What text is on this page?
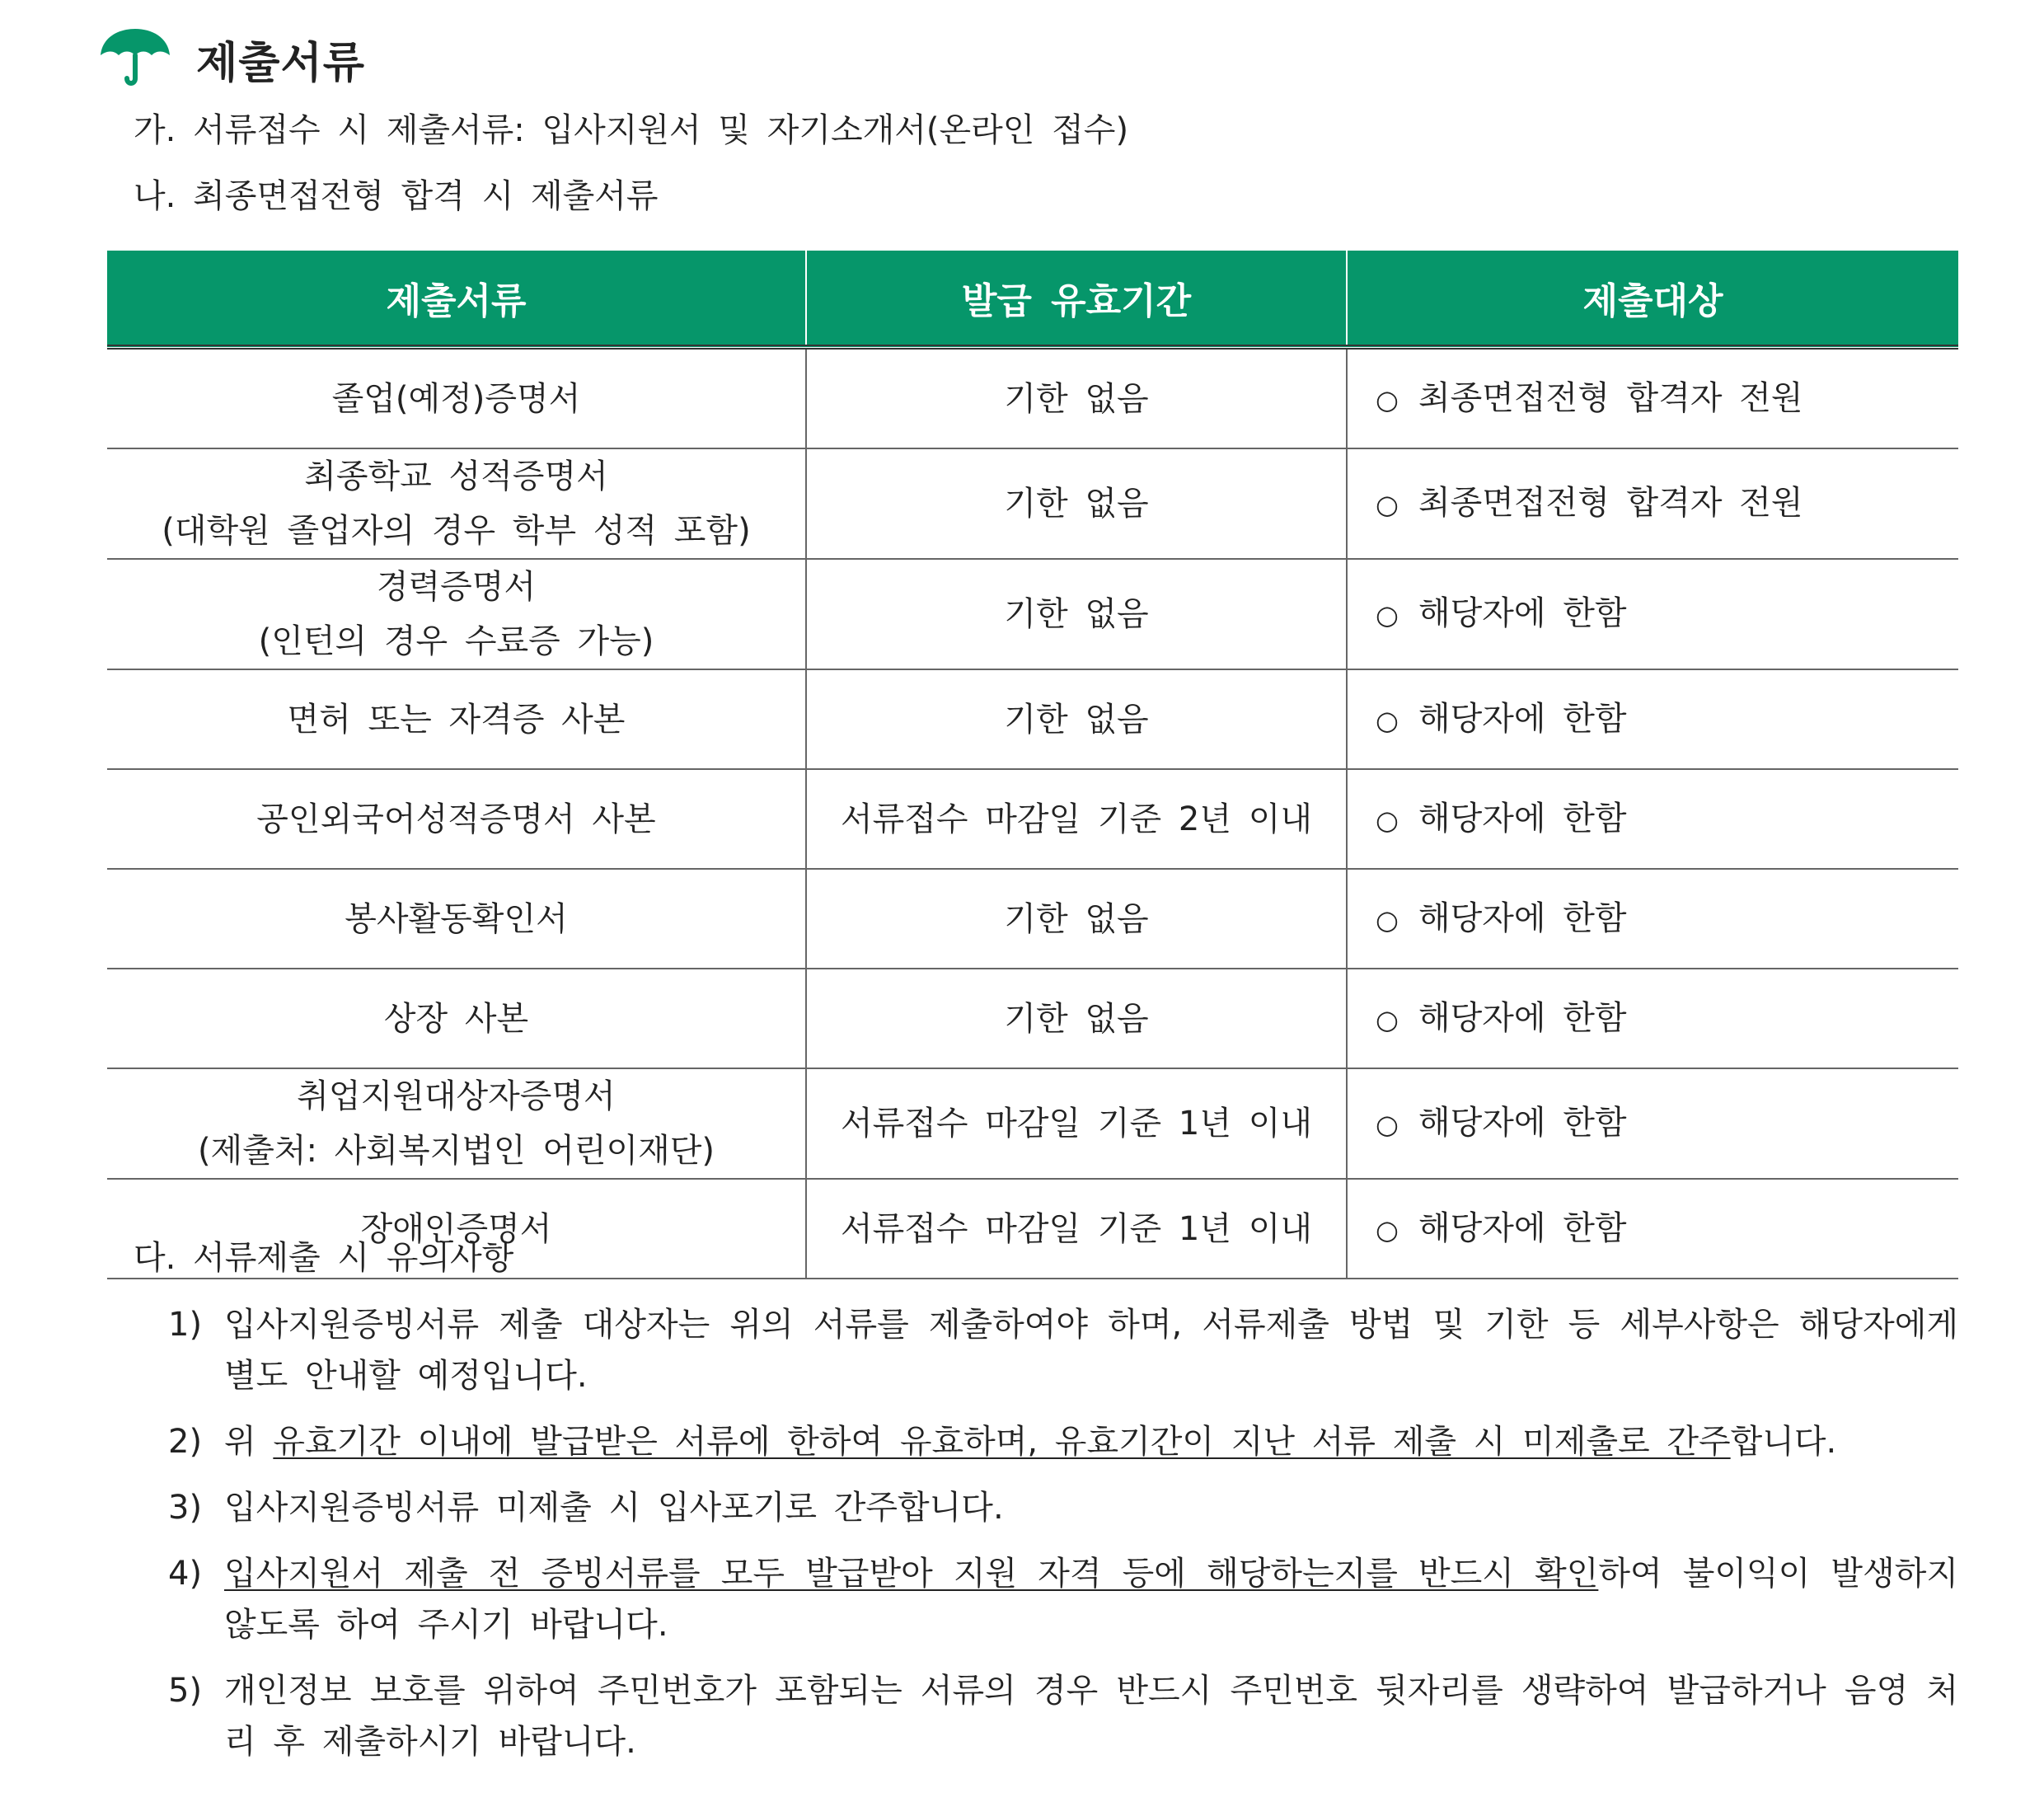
제출서류
가. 서류접수 시 제출서류: 입사지원서 및 자기소개서(온라인 접수)
나. 최종면접전형 합격 시 제출서류
제출서류	발급 유효기간	제출대상

졸업(예정)증명서	기한 없음	○ 최종면접전형 합격자 전원

최종학교 성적증명서
(대학원 졸업자의 경우 학부 성적 포함)	기한 없음	○ 최종면접전형 합격자 전원

경력증명서
(인턴의 경우 수료증 가능)	기한 없음	○ 해당자에 한함

면허 또는 자격증 사본	기한 없음	○ 해당자에 한함

공인외국어성적증명서 사본	서류접수 마감일 기준 2년 이내	○ 해당자에 한함

봉사활동확인서	기한 없음	○ 해당자에 한함

상장 사본	기한 없음	○ 해당자에 한함

취업지원대상자증명서
(제출처: 사회복지법인 어린이재단)	서류접수 마감일 기준 1년 이내	○ 해당자에 한함

장애인증명서	서류접수 마감일 기준 1년 이내	○ 해당자에 한함
다. 서류제출 시 유의사항
1) 입사지원증빙서류 제출 대상자는 위의 서류를 제출하여야 하며, 서류제출 방법 및 기한 등 세부사항은 해당자에게 별도 안내할 예정입니다.
2) 위 유효기간 이내에 발급받은 서류에 한하여 유효하며, 유효기간이 지난 서류 제출 시 미제출로 간주합니다.
3) 입사지원증빙서류 미제출 시 입사포기로 간주합니다.
4) 입사지원서 제출 전 증빙서류를 모두 발급받아 지원 자격 등에 해당하는지를 반드시 확인하여 불이익이 발생하지 않도록 하여 주시기 바랍니다.
5) 개인정보 보호를 위하여 주민번호가 포함되는 서류의 경우 반드시 주민번호 뒷자리를 생략하여 발급하거나 음영 처리 후 제출하시기 바랍니다.
